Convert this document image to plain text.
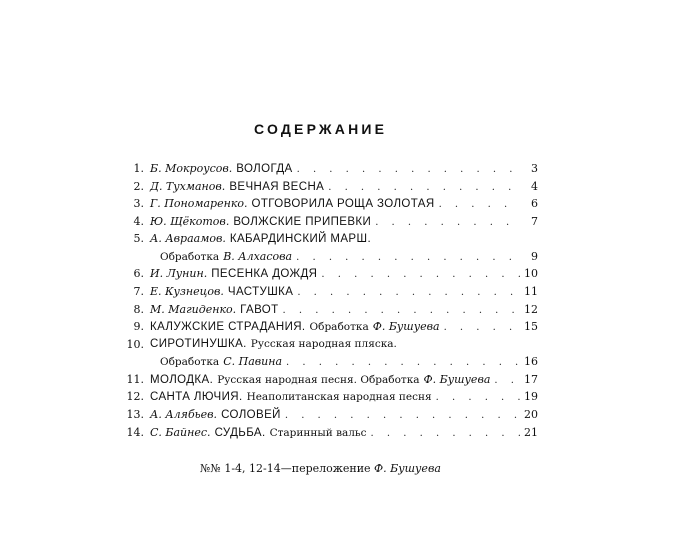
СОДЕРЖАНИЕ
1. Б. Мокроусов. ВОЛОГДА . . .	3
2. Д. Тухманов. ВЕЧНАЯ ВЕСНА . . .	4
3. Г. Пономаренко. ОТГОВОРИЛА РОЩА ЗОЛОТАЯ . . .	6
4. Ю. Щёкотов. ВОЛЖСКИЕ ПРИПЕВКИ . . .	7
5. А. Авраамов. КАБАРДИНСКИЙ МАРШ.
Обработка В. Алхасова . . .	9
6. И. Лунин. ПЕСЕНКА ДОЖДЯ . . .	10
7. Е. Кузнецов. ЧАСТУШКА . . .	11
8. М. Магиденко. ГАВОТ . . .	12
9. КАЛУЖСКИЕ СТРАДАНИЯ. Обработка Ф. Бушуева . . .	15
10. СИРОТИНУШКА. Русская народная пляска.
Обработка С. Павина . . .	16
11. МОЛОДКА. Русская народная песня. Обработка Ф. Бушуева . . .	17
12. САНТА ЛЮЧИЯ. Неаполитанская народная песня . . .	19
13. А. Алябьев. СОЛОВЕЙ . . .	20
14. С. Байнес. СУДЬБА. Старинный вальс . . .	21
№№ 1-4, 12-14—переложение Ф. Бушуева
